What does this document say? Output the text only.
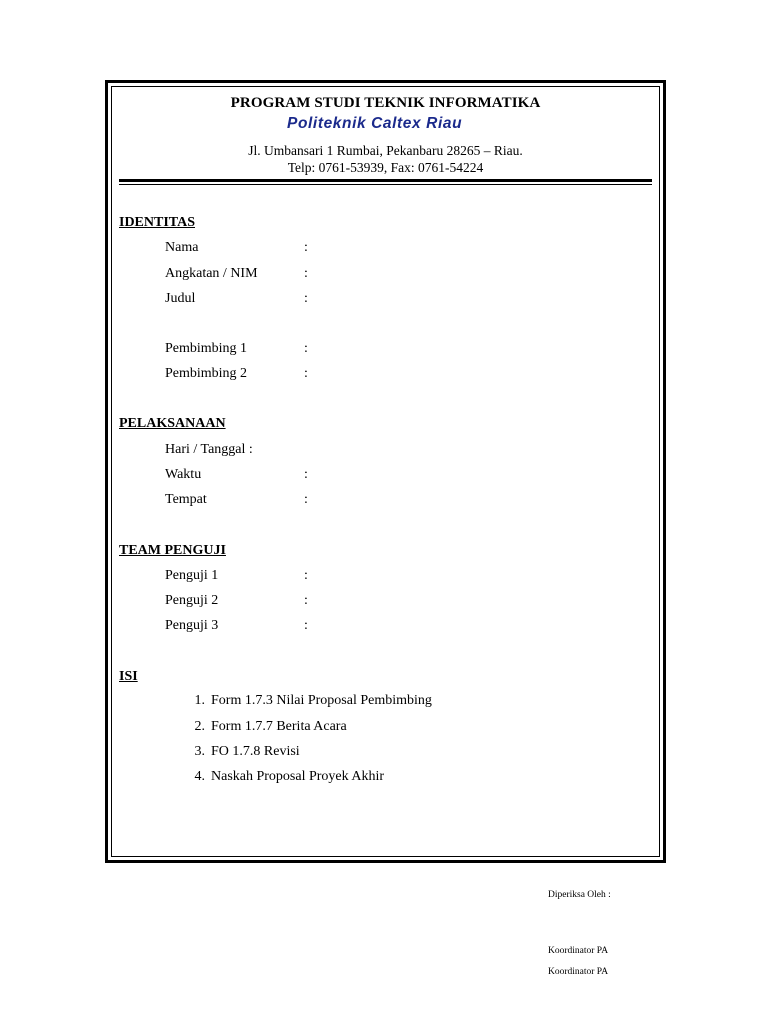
PROGRAM STUDI TEKNIK INFORMATIKA
Politeknik Caltex Riau
Jl. Umbansari 1 Rumbai, Pekanbaru 28265 – Riau.
Telp: 0761-53939, Fax: 0761-54224
IDENTITAS
Nama	:
Angkatan / NIM	:
Judul	:
Pembimbing 1	:
Pembimbing 2	:
PELAKSANAAN
Hari / Tanggal :
Waktu	:
Tempat	:
TEAM PENGUJI
Penguji 1	:
Penguji 2	:
Penguji 3	:
ISI
1. Form 1.7.3 Nilai Proposal Pembimbing
2. Form 1.7.7 Berita Acara
3. FO 1.7.8 Revisi
4. Naskah Proposal Proyek Akhir
Diperiksa Oleh :
Koordinator PA
Koordinator PA
